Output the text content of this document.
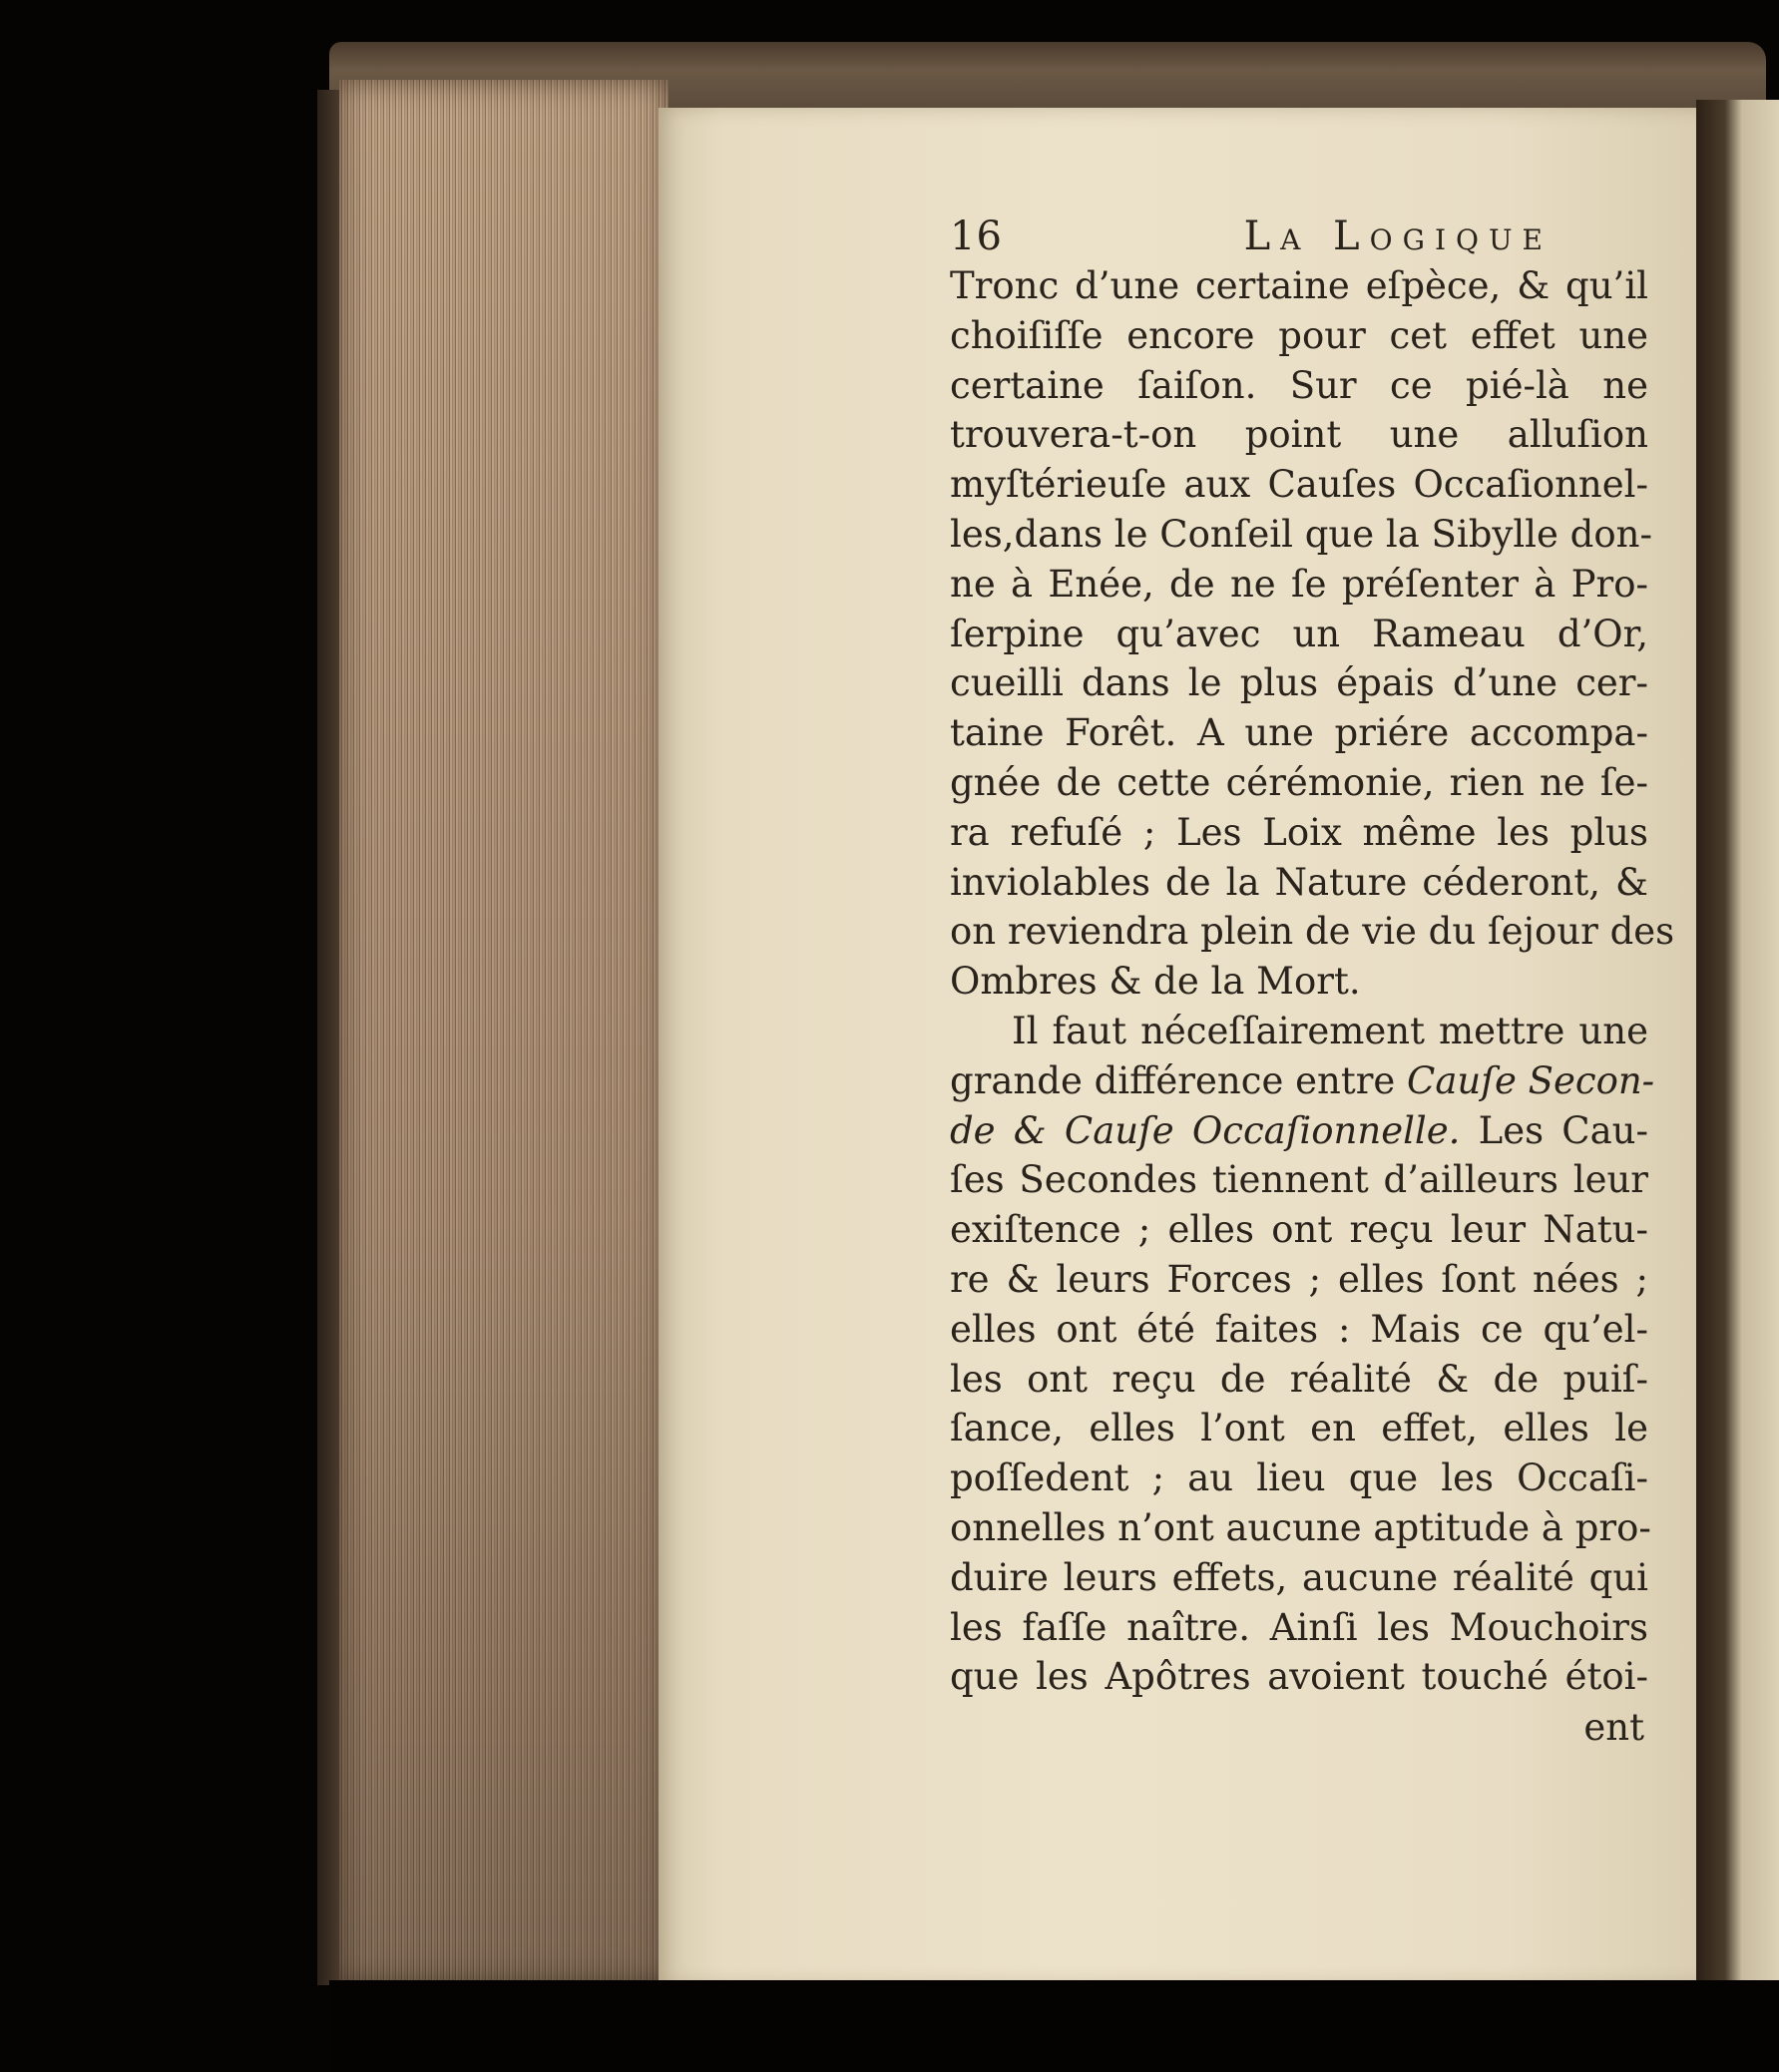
16	La Logique
Tronc d’une certaine eſpèce, & qu’il
choiſiſſe encore pour cet effet une
certaine ſaiſon. Sur ce pié-là ne
trouvera-t-on point une alluſion
myſtérieuſe aux Cauſes Occaſionnel-
les,dans le Conſeil que la Sibylle don-
ne à Enée, de ne ſe préſenter à Pro-
ſerpine qu’avec un Rameau d’Or,
cueilli dans le plus épais d’une cer-
taine Forêt. A une priére accompa-
gnée de cette cérémonie, rien ne ſe-
ra refuſé ; Les Loix même les plus
inviolables de la Nature céderont, &
on reviendra plein de vie du ſejour des
Ombres & de la Mort.
Il faut néceſſairement mettre une
grande différence entre Cauſe Secon-
de & Cauſe Occaſionnelle. Les Cau-
ſes Secondes tiennent d’ailleurs leur
exiſtence ; elles ont reçu leur Natu-
re & leurs Forces ; elles ſont nées ;
elles ont été faites : Mais ce qu’el-
les ont reçu de réalité & de puiſ-
ſance, elles l’ont en effet, elles le
poſſedent ; au lieu que les Occaſi-
onnelles n’ont aucune aptitude à pro-
duire leurs effets, aucune réalité qui
les faſſe naître. Ainſi les Mouchoirs
que les Apôtres avoient touché étoi-
ent
